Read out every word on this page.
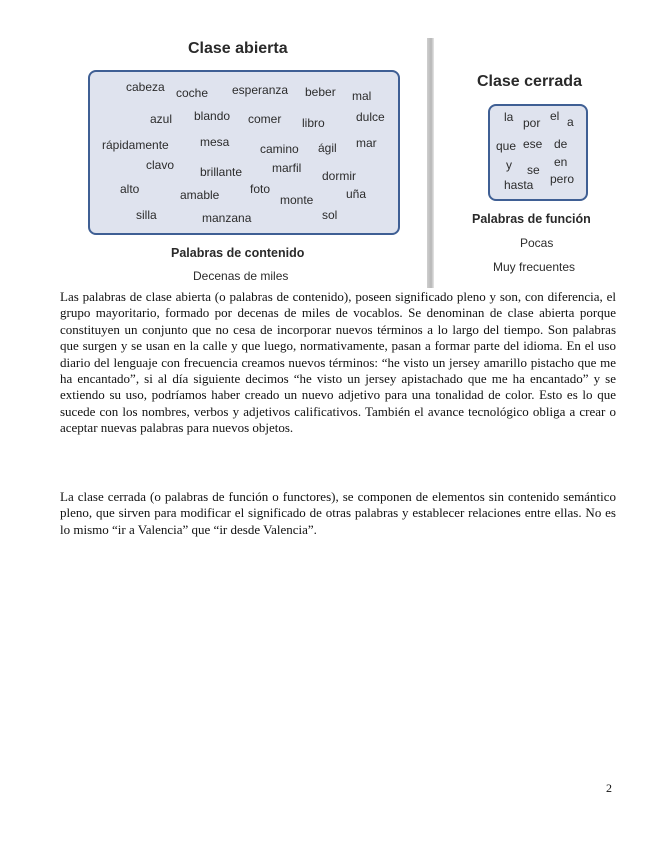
Clase abierta
cabeza coche esperanza beber mal
azul blando comer libro	dulce
rápidamente	mesa	camino ágil mar
clavo brillante marfil
dormir
alto	amable	foto
monte	uña
silla	manzana	sol
Palabras de contenido
Decenas de miles
Clase cerrada
la por el a
que ese de
y se
en
hasta pero
Palabras de función
Pocas
Muy frecuentes

Las palabras de clase abierta (o palabras de contenido), poseen significado pleno y son, con diferencia, el grupo mayoritario, formado por decenas de miles de vocablos. Se denominan de clase abierta porque constituyen un conjunto que no cesa de incorporar nuevos términos a lo largo del tiempo. Son palabras que surgen y se usan en la calle y que luego, normativamente, pasan a formar parte del idioma. En el uso diario del lenguaje con frecuencia creamos nuevos términos: “he visto un jersey amarillo pistacho que me ha encantado”, si al día siguiente decimos “he visto un jersey apistachado que me ha encantado” y se extiendo su uso, podríamos haber creado un nuevo adjetivo para una tonalidad de color. Esto es lo que sucede con los nombres, verbos y adjetivos calificativos. También el avance tecnológico obliga a crear o aceptar nuevas palabras para nuevos objetos.

La clase cerrada (o palabras de función o functores), se componen de elementos sin contenido semántico pleno, que sirven para modificar el significado de otras palabras y establecer relaciones entre ellas. No es lo mismo “ir a Valencia” que “ir desde Valencia”.

2
